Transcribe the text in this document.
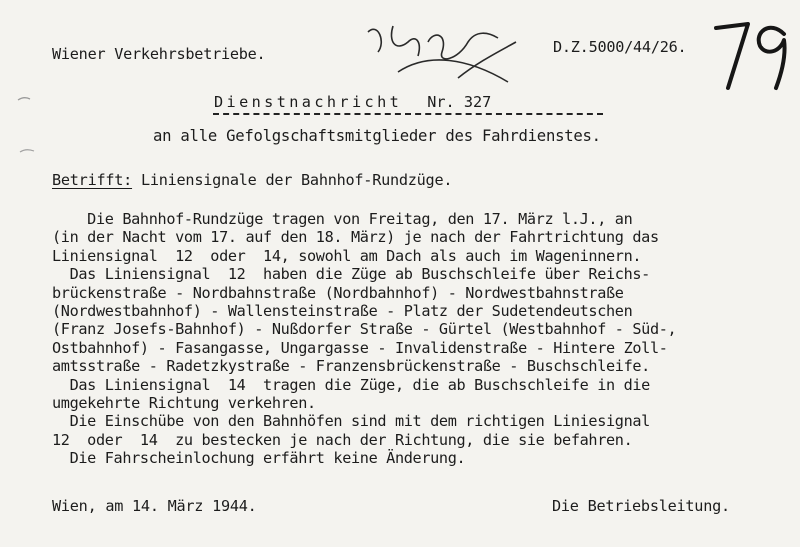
Wiener Verkehrsbetriebe.	D.Z.5000/44/26.
Dienstnachricht Nr. 327
an alle Gefolgschaftsmitglieder des Fahrdienstes.
Betrifft: Liniensignale der Bahnhof-Rundzüge.
Die Bahnhof-Rundzüge tragen von Freitag, den 17. März l.J., an
(in der Nacht vom 17. auf den 18. März) je nach der Fahrtrichtung das
Liniensignal  12  oder  14, sowohl am Dach als auch im Wageninnern.
Das Liniensignal  12  haben die Züge ab Buschschleife über Reichs-
brückenstraße - Nordbahnstraße (Nordbahnhof) - Nordwestbahnstraße
(Nordwestbahnhof) - Wallensteinstraße - Platz der Sudetendeutschen
(Franz Josefs-Bahnhof) - Nußdorfer Straße - Gürtel (Westbahnhof - Süd-,
Ostbahnhof) - Fasangasse, Ungargasse - Invalidenstraße - Hintere Zoll-
amtsstraße - Radetzkystraße - Franzensbrückenstraße - Buschschleife.
Das Liniensignal  14  tragen die Züge, die ab Buschschleife in die
umgekehrte Richtung verkehren.
Die Einschübe von den Bahnhöfen sind mit dem richtigen Liniesignal
12  oder  14  zu bestecken je nach der Richtung, die sie befahren.
Die Fahrscheinlochung erfährt keine Änderung.
Wien, am 14. März 1944.	Die Betriebsleitung.
